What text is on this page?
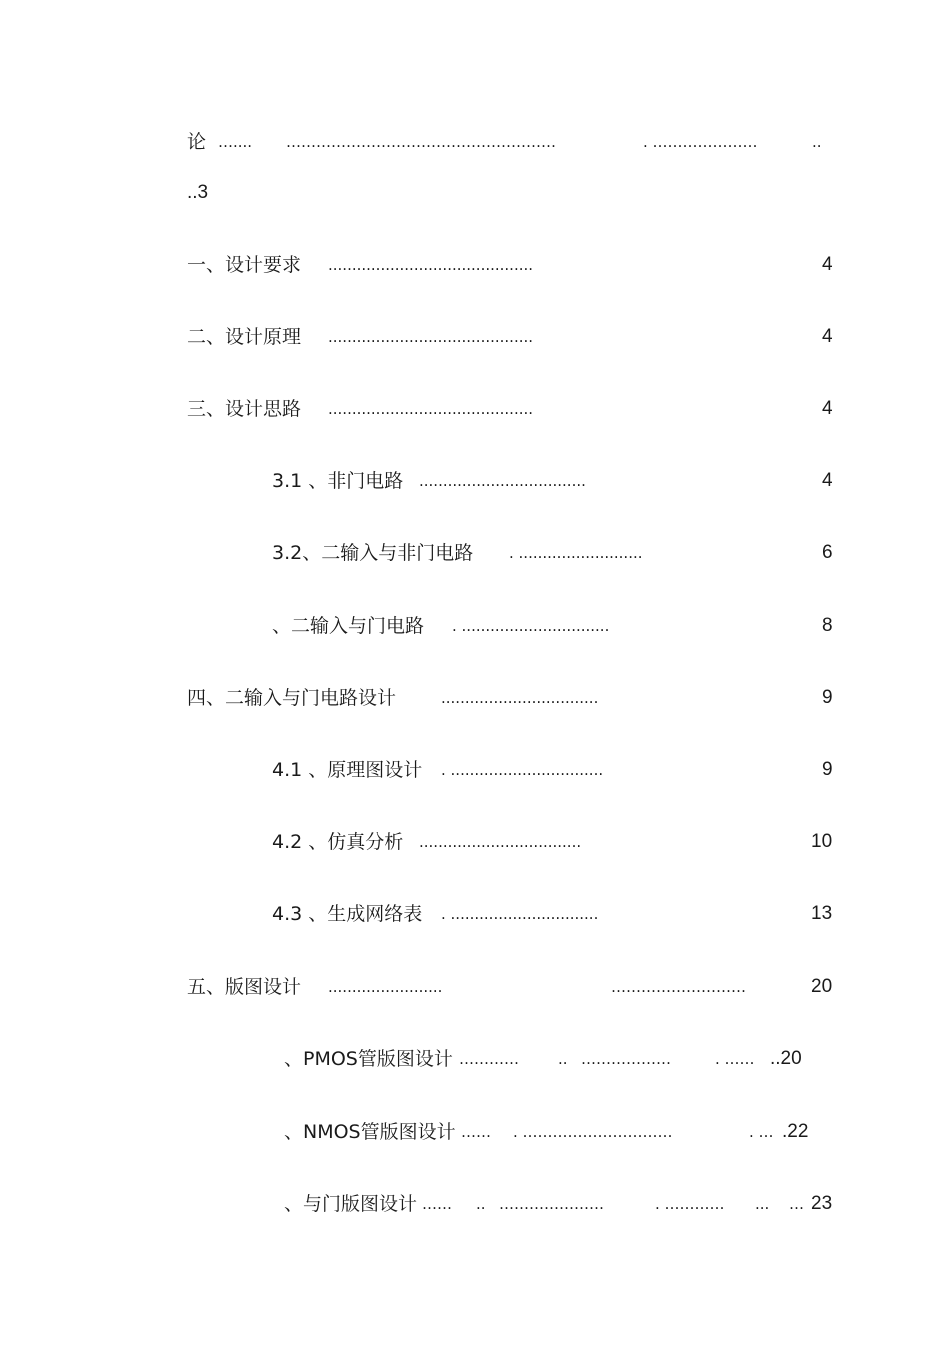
论 ….... ………………………………………………	. …………………	..
..3
一、设计要求 ...........................................	4
二、设计原理 ...........................................	4
三、设计思路 ...........................................	4
3.1 、非门电路 ...................................	4
3.2、二输入与非门电路 . ..........................	6
、二输入与门电路 . ...............................	8
四、二输入与门电路设计	.................................	9
4.1 、原理图设计 . ................................	9
4.2 、仿真分析 ..................................	10
4.3 、生成网络表 . ...............................	13
五、版图设计 ........................	………………………	20
、PMOS管版图设计 …………	.. ………………	. …… ..20
、NMOS管版图设计 …… . …………………………	. … .22
、与门版图设计 …… .. …………………	. ………… ... … 23
